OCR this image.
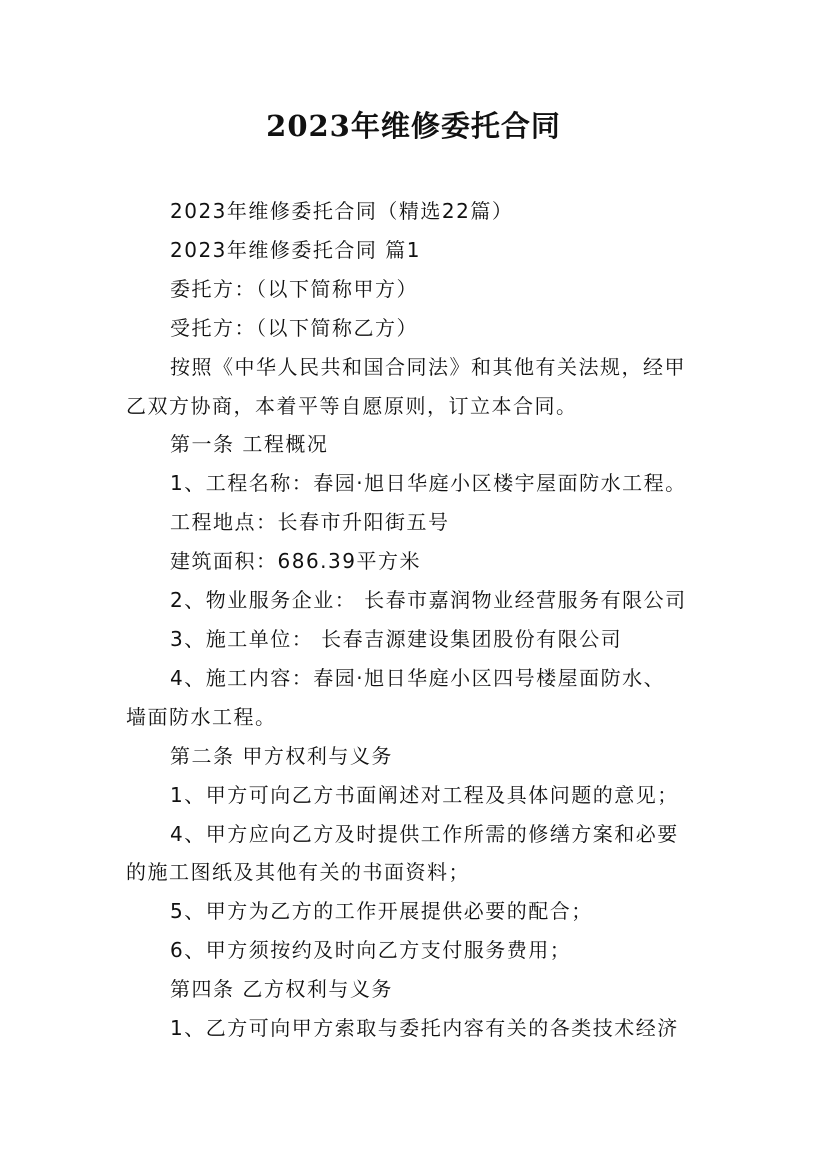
2023年维修委托合同

2023年维修委托合同（精选22篇）

2023年维修委托合同 篇1

委托方：（以下简称甲方）

受托方：（以下简称乙方）

按照《中华人民共和国合同法》和其他有关法规，经甲

乙双方协商，本着平等自愿原则，订立本合同。

第一条 工程概况

1、工程名称：春园·旭日华庭小区楼宇屋面防水工程。

工程地点：长春市升阳街五号

建筑面积：686.39平方米

2、物业服务企业： 长春市嘉润物业经营服务有限公司

3、施工单位： 长春吉源建设集团股份有限公司

4、施工内容：春园·旭日华庭小区四号楼屋面防水、

墙面防水工程。

第二条 甲方权利与义务

1、甲方可向乙方书面阐述对工程及具体问题的意见；

4、甲方应向乙方及时提供工作所需的修缮方案和必要

的施工图纸及其他有关的书面资料；

5、甲方为乙方的工作开展提供必要的配合；

6、甲方须按约及时向乙方支付服务费用；

第四条 乙方权利与义务

1、乙方可向甲方索取与委托内容有关的各类技术经济
